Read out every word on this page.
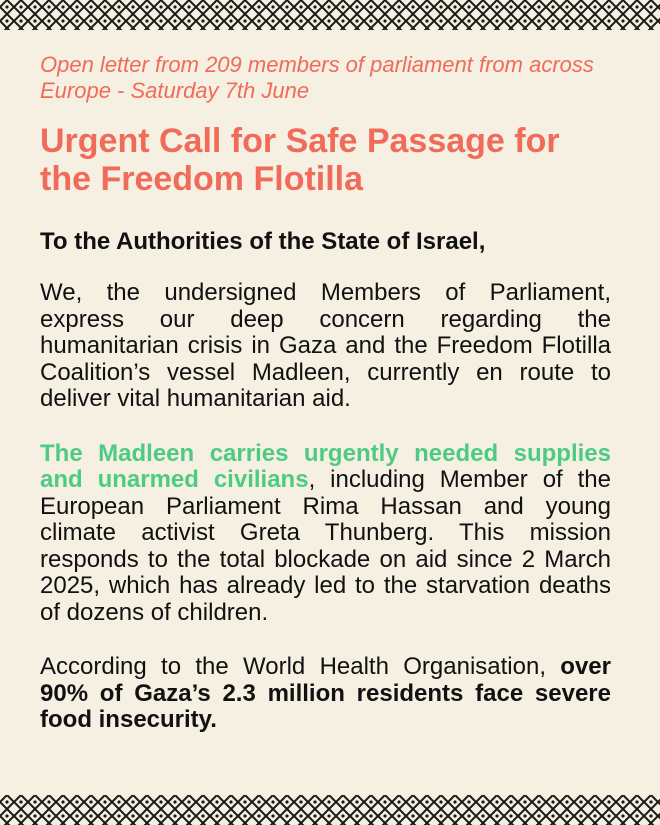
Open letter from 209 members of parliament from across Europe - Saturday 7th June

Urgent Call for Safe Passage for the Freedom Flotilla

To the Authorities of the State of Israel,

We, the undersigned Members of Parliament, express our deep concern regarding the humanitarian crisis in Gaza and the Freedom Flotilla Coalition’s vessel Madleen, currently en route to deliver vital humanitarian aid.

The Madleen carries urgently needed supplies and unarmed civilians, including Member of the European Parliament Rima Hassan and young climate activist Greta Thunberg. This mission responds to the total blockade on aid since 2 March 2025, which has already led to the starvation deaths of dozens of children.

According to the World Health Organisation, over 90% of Gaza’s 2.3 million residents face severe food insecurity.
